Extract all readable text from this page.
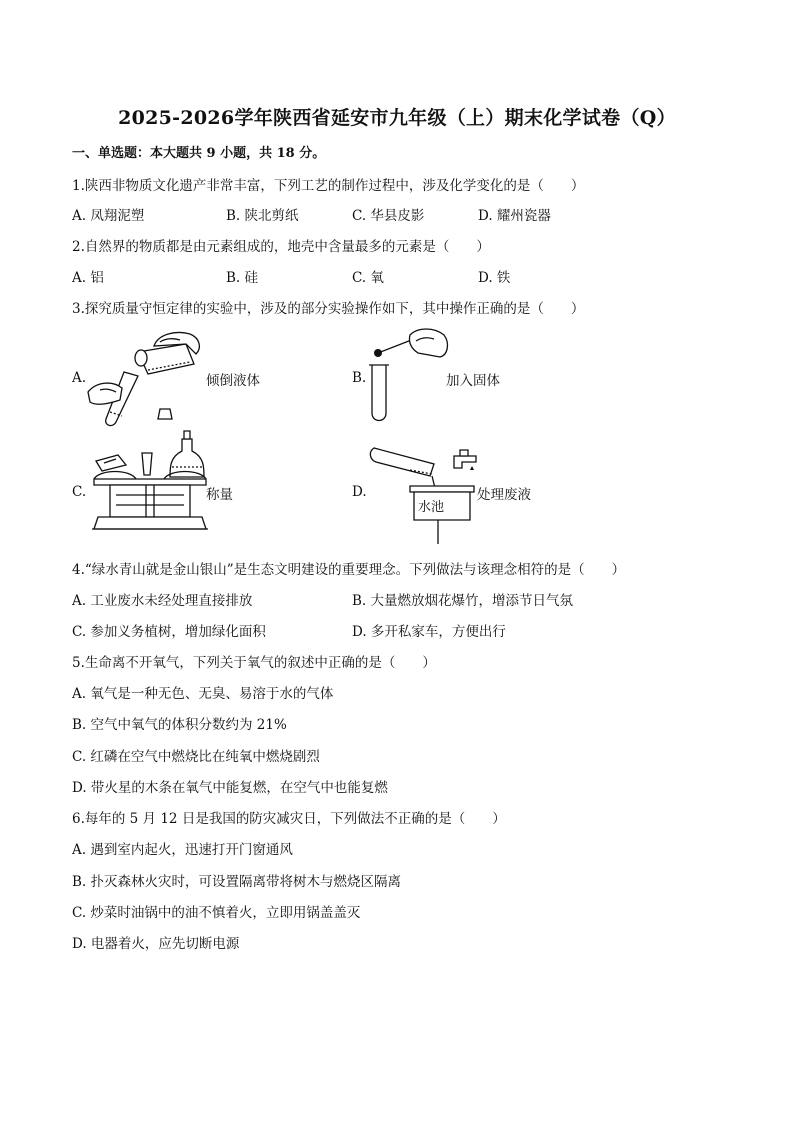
2025-2026学年陕西省延安市九年级（上）期末化学试卷（Q）
一、单选题：本大题共 9 小题，共 18 分。
1.陕西非物质文化遗产非常丰富，下列工艺的制作过程中，涉及化学变化的是（　　）
A. 凤翔泥塑	B. 陕北剪纸	C. 华县皮影	D. 耀州瓷器
2.自然界的物质都是由元素组成的，地壳中含量最多的元素是（　　）
A. 铝	B. 硅	C. 氧	D. 铁
3.探究质量守恒定律的实验中，涉及的部分实验操作如下，其中操作正确的是（　　）
A.	倾倒液体	B.	加入固体
C.	称量	D.
水池
处理废液
4.“绿水青山就是金山银山”是生态文明建设的重要理念。下列做法与该理念相符的是（　　）
A. 工业废水未经处理直接排放	B. 大量燃放烟花爆竹，增添节日气氛
C. 参加义务植树，增加绿化面积	D. 多开私家车，方便出行
5.生命离不开氧气，下列关于氧气的叙述中正确的是（　　）
A. 氧气是一种无色、无臭、易溶于水的气体
B. 空气中氧气的体积分数约为 21%
C. 红磷在空气中燃烧比在纯氧中燃烧剧烈
D. 带火星的木条在氧气中能复燃，在空气中也能复燃
6.每年的 5 月 12 日是我国的防灾减灾日，下列做法不正确的是（　　）
A. 遇到室内起火，迅速打开门窗通风
B. 扑灭森林火灾时，可设置隔离带将树木与燃烧区隔离
C. 炒菜时油锅中的油不慎着火，立即用锅盖盖灭
D. 电器着火，应先切断电源
